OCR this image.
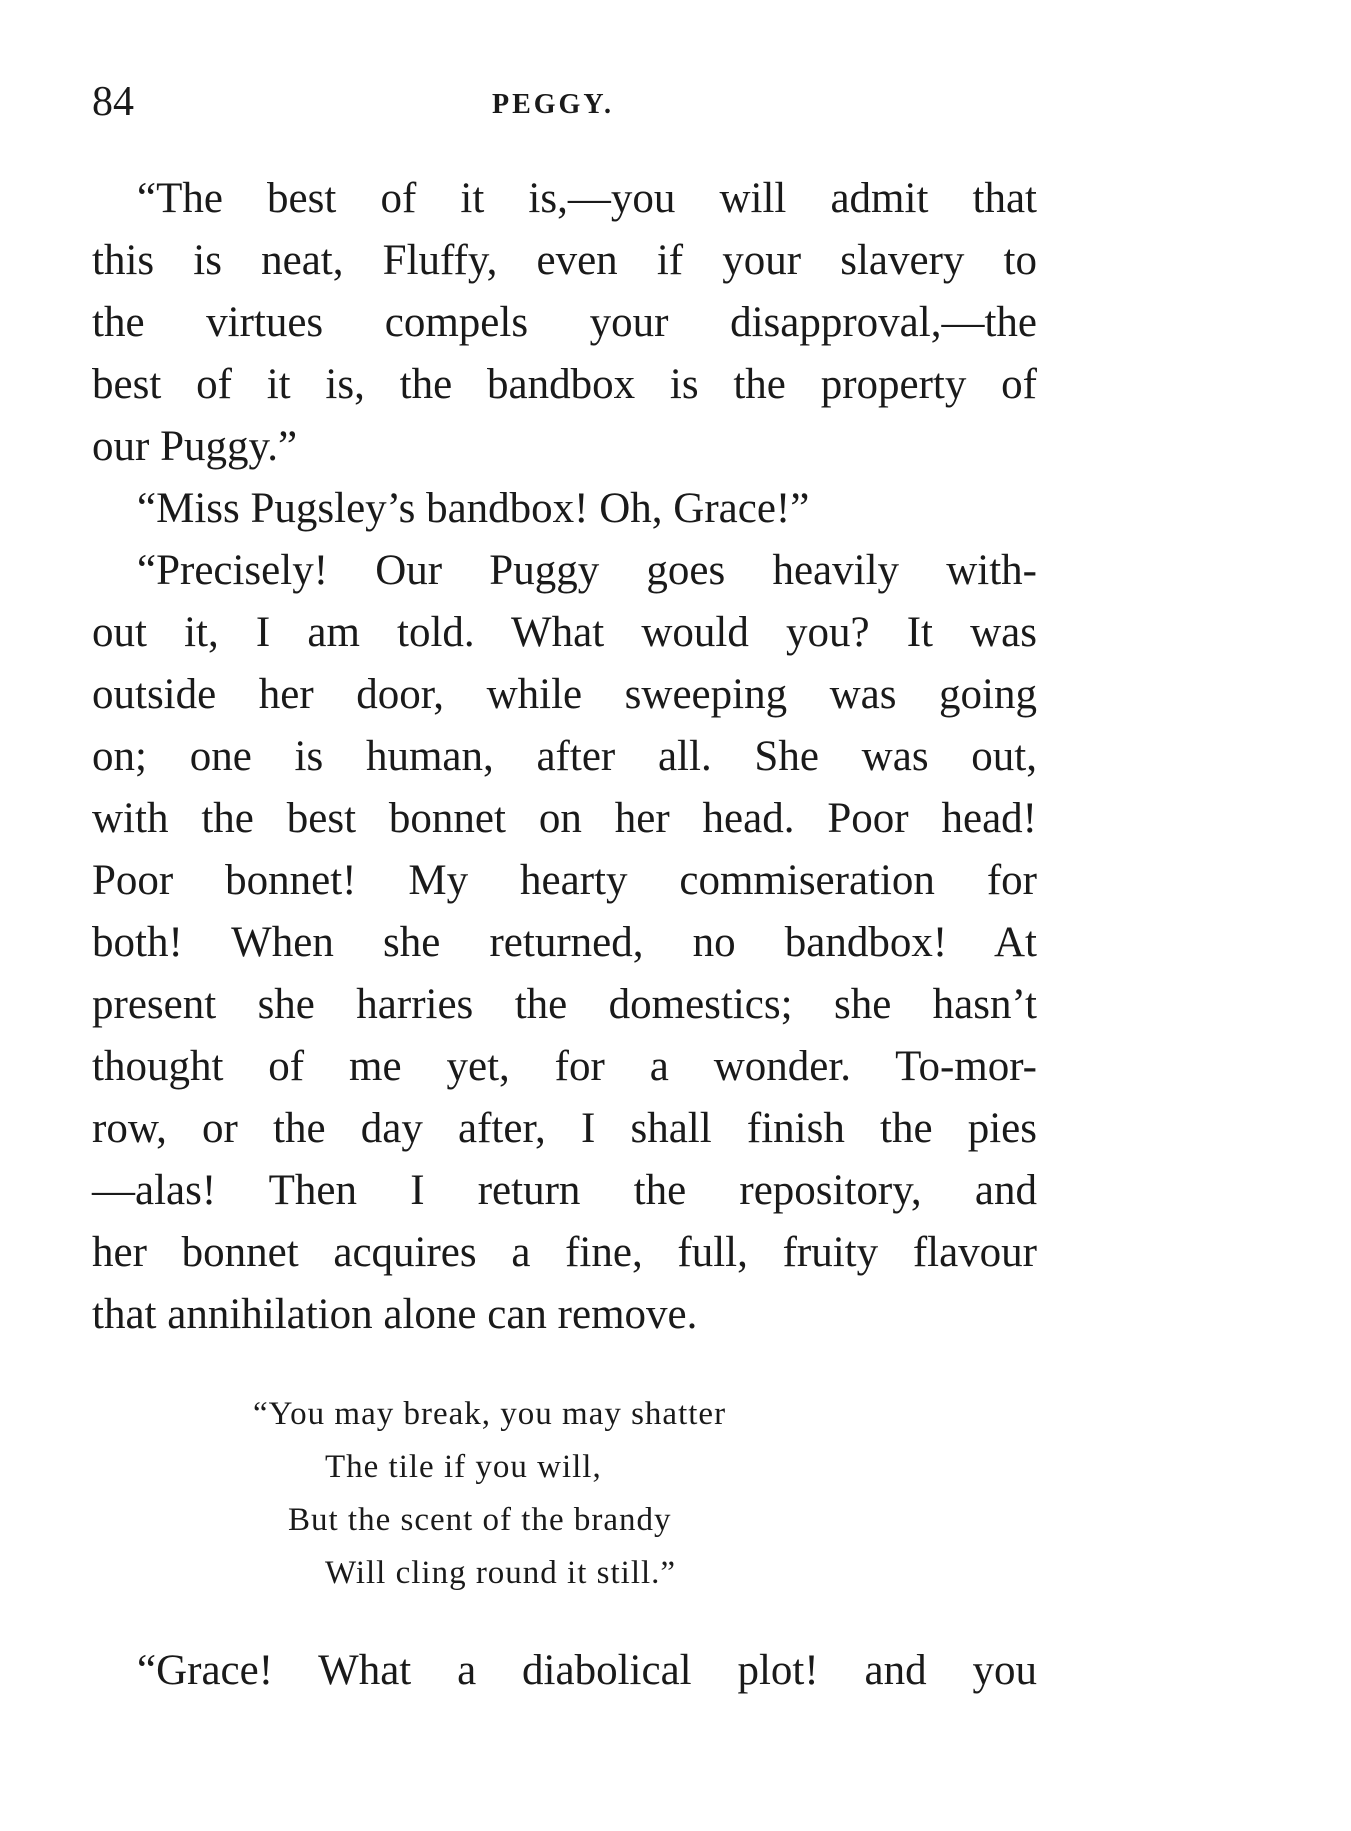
84	PEGGY.
“The best of it is,—you will admit that
this is neat, Fluffy, even if your slavery to
the virtues compels your disapproval,—the
best of it is, the bandbox is the property of
our Puggy.”
“Miss Pugsley’s bandbox! Oh, Grace!”
“Precisely! Our Puggy goes heavily with-
out it, I am told. What would you? It was
outside her door, while sweeping was going
on; one is human, after all. She was out,
with the best bonnet on her head. Poor head!
Poor bonnet! My hearty commiseration for
both! When she returned, no bandbox! At
present she harries the domestics; she hasn’t
thought of me yet, for a wonder. To-mor-
row, or the day after, I shall finish the pies
—alas! Then I return the repository, and
her bonnet acquires a fine, full, fruity flavour
that annihilation alone can remove.
“You may break, you may shatter
The tile if you will,
But the scent of the brandy
Will cling round it still.”
“Grace! What a diabolical plot! and you
